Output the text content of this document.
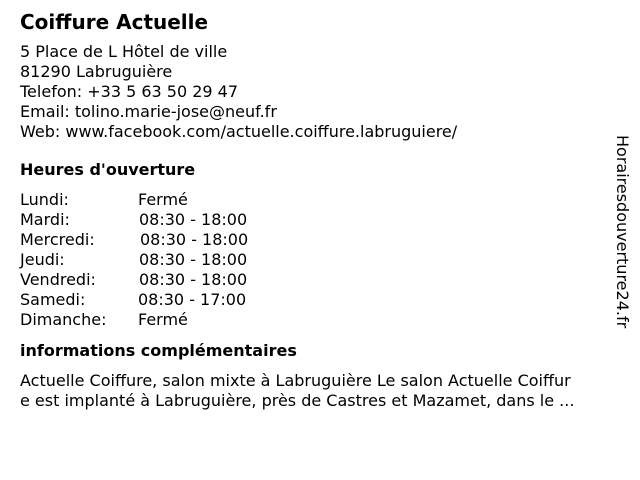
Coiffure Actuelle
5 Place de L Hôtel de ville
81290 Labruguière
Telefon: +33 5 63 50 29 47
Email: tolino.marie-jose@neuf.fr
Web: www.facebook.com/actuelle.coiffure.labruguiere/
Heures d'ouverture
Lundi:	Fermé
Mardi:	08:30 - 18:00
Mercredi:	08:30 - 18:00
Jeudi:	08:30 - 18:00
Vendredi:	08:30 - 18:00
Samedi:	08:30 - 17:00
Dimanche: Fermé
informations complémentaires
Actuelle Coiffure, salon mixte à Labruguière Le salon Actuelle Coiffur
e est implanté à Labruguière, près de Castres et Mazamet, dans le ...
Horairesdouverture24.fr
